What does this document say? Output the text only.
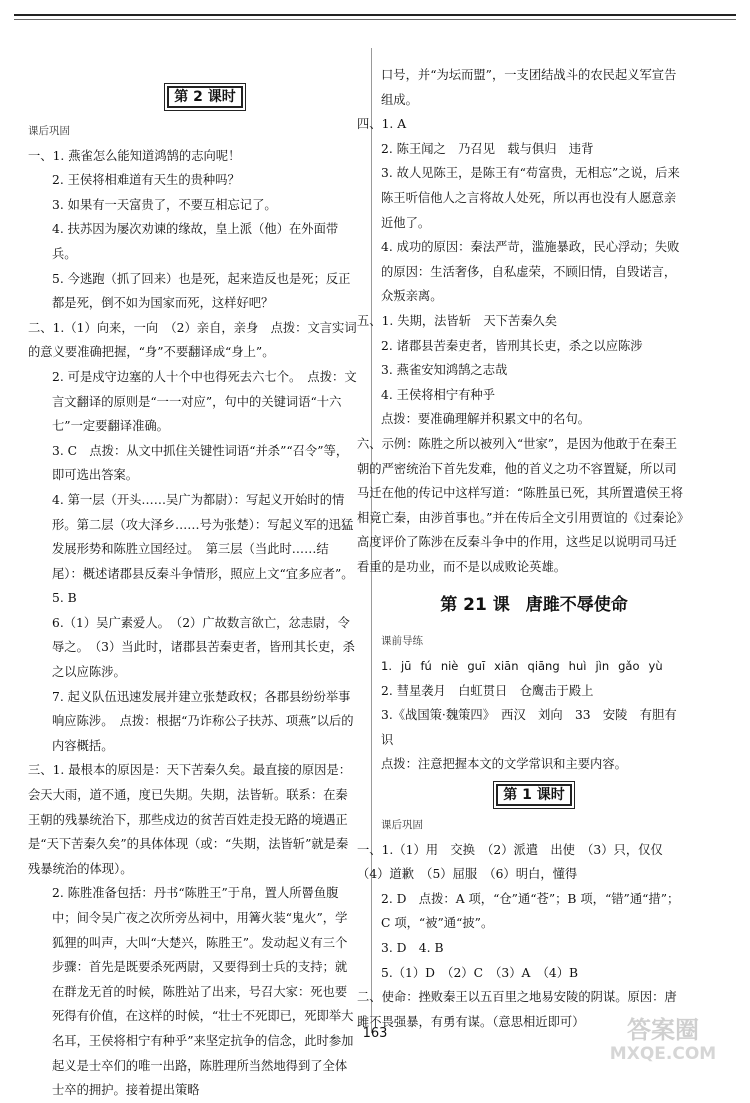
第 2 课时

课后巩固

一、1. 燕雀怎么能知道鸿鹄的志向呢！

2. 王侯将相难道有天生的贵种吗？

3. 如果有一天富贵了，不要互相忘记了。

4. 扶苏因为屡次劝谏的缘故，皇上派（他）在外面带兵。

5. 今逃跑（抓了回来）也是死，起来造反也是死；反正都是死，倒不如为国家而死，这样好吧？

二、1.（1）向来，一向　（2）亲自，亲身　点拨：文言实词的意义要准确把握，“身”不要翻译成“身上”。

2. 可是戍守边塞的人十个中也得死去六七个。　点拨：文言文翻译的原则是“一一对应”，句中的关键词语“十六七”一定要翻译准确。

3. C　点拨：从文中抓住关键性词语“并杀”“召令”等，即可选出答案。

4. 第一层（开头……吴广为都尉）：写起义开始时的情形。第二层（攻大泽乡……号为张楚）：写起义军的迅猛发展形势和陈胜立国经过。　第三层（当此时……结尾）：概述诸郡县反秦斗争情形，照应上文“宜多应者”。

5. B

6.（1）吴广素爱人。　（2）广故数言欲亡，忿恚尉，令辱之。　（3）当此时，诸郡县苦秦吏者，皆刑其长吏，杀之以应陈涉。

7. 起义队伍迅速发展并建立张楚政权；各郡县纷纷举事响应陈涉。　点拨：根据“乃诈称公子扶苏、项燕”以后的内容概括。

三、1. 最根本的原因是：天下苦秦久矣。最直接的原因是：会天大雨，道不通，度已失期。失期，法皆斩。联系：在秦王朝的残暴统治下，那些戍边的贫苦百姓走投无路的境遇正是“天下苦秦久矣”的具体体现（或：“失期，法皆斩”就是秦残暴统治的体现）。

2. 陈胜准备包括：丹书“陈胜王”于帛，置人所罾鱼腹中；间令吴广夜之次所旁丛祠中，用篝火装“鬼火”，学狐狸的叫声，大叫“大楚兴，陈胜王”。发动起义有三个步骤：首先是既要杀死两尉，又要得到士兵的支持；就在群龙无首的时候，陈胜站了出来，号召大家：死也要死得有价值，在这样的时候，“壮士不死即已，死即举大名耳，王侯将相宁有种乎”来坚定抗争的信念，此时参加起义是士卒们的唯一出路，陈胜理所当然地得到了全体士卒的拥护。接着提出策略

口号，并“为坛而盟”，一支团结战斗的农民起义军宣告组成。

四、1. A

2. 陈王闻之　乃召见　载与俱归　违背

3. 故人见陈王，是陈王有“苟富贵，无相忘”之说，后来陈王听信他人之言将故人处死，所以再也没有人愿意亲近他了。

4. 成功的原因：秦法严苛，滥施暴政，民心浮动；失败的原因：生活奢侈，自私虚荣，不顾旧情，自毁诺言，众叛亲离。

五、1. 失期，法皆斩　天下苦秦久矣

2. 诸郡县苦秦吏者，皆刑其长吏，杀之以应陈涉

3. 燕雀安知鸿鹄之志哉

4. 王侯将相宁有种乎

点拨：要准确理解并积累文中的名句。

六、示例：陈胜之所以被列入“世家”，是因为他敢于在秦王朝的严密统治下首先发难，他的首义之功不容置疑，所以司马迁在他的传记中这样写道：“陈胜虽已死，其所置遣侯王将相竟亡秦，由涉首事也。”并在传后全文引用贾谊的《过秦论》高度评价了陈涉在反秦斗争中的作用，这些足以说明司马迁看重的是功业，而不是以成败论英雄。

第 21 课 唐雎不辱使命

课前导练

1. jū fú niè guī xiān qiāng huì jìn gǎo yù

2. 彗星袭月　白虹贯日　仓鹰击于殿上

3.《战国策·魏策四》　西汉　刘向　33　安陵　有胆有识

点拨：注意把握本文的文学常识和主要内容。

第 1 课时

课后巩固

一、1.（1）用　交换　（2）派遣　出使　（3）只，仅仅　（4）道歉　（5）屈服　（6）明白，懂得

2. D　点拨：A 项，“仓”通“苍”；B 项，“错”通“措”；C 项，“被”通“披”。

3. D　4. B

5.（1）D　（2）C　（3）A　（4）B

二、使命：挫败秦王以五百里之地易安陵的阴谋。原因：唐雎不畏强暴，有勇有谋。（意思相近即可）

163	答案圈
MXQE.COM
